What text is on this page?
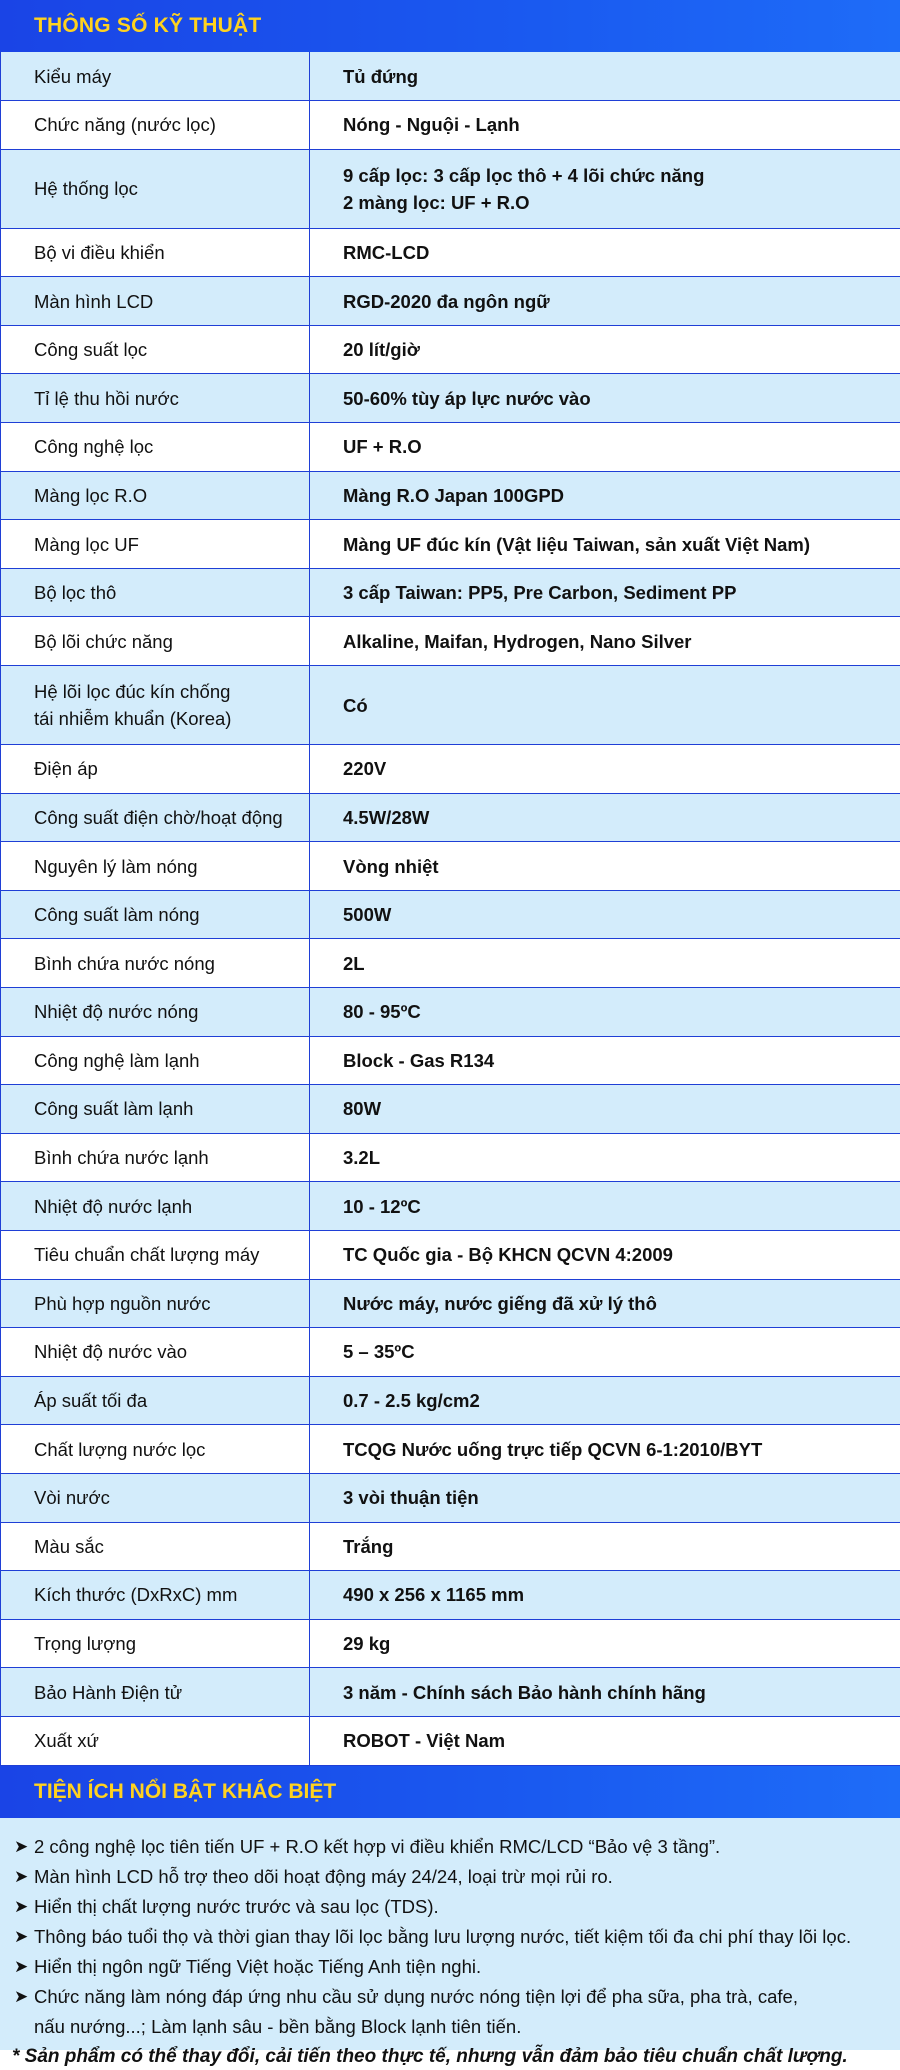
THÔNG SỐ KỸ THUẬT
Kiểu máy	Tủ đứng
Chức năng (nước lọc)	Nóng - Nguội - Lạnh
Hệ thống lọc	9 cấp lọc: 3 cấp lọc thô + 4 lõi chức năng
2 màng lọc: UF + R.O

Bộ vi điều khiển	RMC-LCD
Màn hình LCD	RGD-2020 đa ngôn ngữ
Công suất lọc	20 lít/giờ
Tỉ lệ thu hồi nước	50-60% tùy áp lực nước vào
Công nghệ lọc	UF + R.O
Màng lọc R.O	Màng R.O Japan 100GPD
Màng lọc UF	Màng UF đúc kín (Vật liệu Taiwan, sản xuất Việt Nam)
Bộ lọc thô	3 cấp Taiwan: PP5, Pre Carbon, Sediment PP
Bộ lõi chức năng	Alkaline, Maifan, Hydrogen, Nano Silver

Hệ lõi lọc đúc kín chống
tái nhiễm khuẩn (Korea)	Có
Điện áp	220V
Công suất điện chờ/hoạt động	4.5W/28W
Nguyên lý làm nóng	Vòng nhiệt
Công suất làm nóng	500W
Bình chứa nước nóng	2L
Nhiệt độ nước nóng	80 - 95ºC
Công nghệ làm lạnh	Block - Gas R134
Công suất làm lạnh	80W
Bình chứa nước lạnh	3.2L
Nhiệt độ nước lạnh	10 - 12ºC
Tiêu chuẩn chất lượng máy	TC Quốc gia - Bộ KHCN QCVN 4:2009
Phù hợp nguồn nước	Nước máy, nước giếng đã xử lý thô
Nhiệt độ nước vào	5 – 35ºC
Áp suất tối đa	0.7 - 2.5 kg/cm2
Chất lượng nước lọc	TCQG Nước uống trực tiếp QCVN 6-1:2010/BYT
Vòi nước	3 vòi thuận tiện
Màu sắc	Trắng
Kích thước (DxRxC) mm	490 x 256 x 1165 mm
Trọng lượng	29 kg
Bảo Hành Điện tử	3 năm - Chính sách Bảo hành chính hãng
Xuất xứ	ROBOT - Việt Nam
TIỆN ÍCH NỔI BẬT KHÁC BIỆT
➤ 2 công nghệ lọc tiên tiến UF + R.O kết hợp vi điều khiển RMC/LCD “Bảo vệ 3 tầng”.
➤ Màn hình LCD hỗ trợ theo dõi hoạt động máy 24/24, loại trừ mọi rủi ro.
➤ Hiển thị chất lượng nước trước và sau lọc (TDS).
➤ Thông báo tuổi thọ và thời gian thay lõi lọc bằng lưu lượng nước, tiết kiệm tối đa chi phí thay lõi lọc.
➤ Hiển thị ngôn ngữ Tiếng Việt hoặc Tiếng Anh tiện nghi.
➤ Chức năng làm nóng đáp ứng nhu cầu sử dụng nước nóng tiện lợi để pha sữa, pha trà, cafe,
nấu nướng...; Làm lạnh sâu - bền bằng Block lạnh tiên tiến.
* Sản phẩm có thể thay đổi, cải tiến theo thực tế, nhưng vẫn đảm bảo tiêu chuẩn chất lượng.
